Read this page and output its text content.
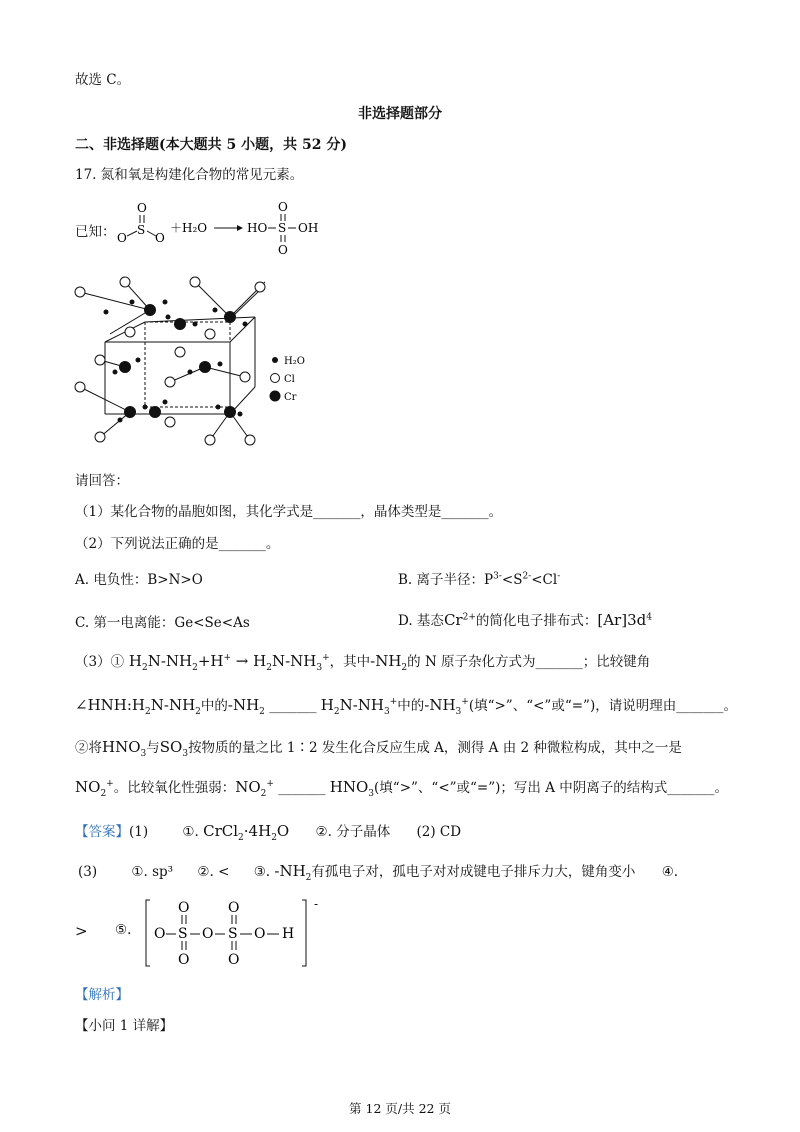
故选 C。
非选择题部分
二、非选择题(本大题共 5 小题，共 52 分)
17. 氮和氧是构建化合物的常见元素。
已知：
O
S
O O
＋H₂O	HO S OH
O
O
H₂O
Cl
Cr
请回答：
（1）某化合物的晶胞如图，其化学式是_______，晶体类型是_______。
（2）下列说法正确的是_______。
A. 电负性：B>N>O	B. 离子半径：$P^{3-}<S^{2-}<Cl^-$
C. 第一电离能：Ge<Se<As	D. 基态$Cr^{2+}$的简化电子排布式：$[Ar]3d^4$
（3）① $H_2N-NH_2+H^+ \to H_2N-NH_3^+$，其中$-NH_2$的 N 原子杂化方式为_______；比较键角
$\angle HNH:H_2N-NH_2$中的$-NH_2$ _______ $H_2N-NH_3^+$中的$-NH_3^+$(填“>”、“<”或“=”)，请说明理由_______。
②将$HNO_3$与$SO_3$按物质的量之比 1∶2 发生化合反应生成 A，测得 A 由 2 种微粒构成，其中之一是
$NO_2^+$。比较氧化性强弱：$NO_2^+$ _______ $HNO_3$(填“>”、“<”或“=”)；写出 A 中阴离子的结构式_______。
【答案】(1)	①. $CrCl_2\cdot 4H_2O$ ②. 分子晶体 (2) CD
(3)	①. sp³ ②. < ③. $-NH_2$有孤电子对，孤电子对对成键电子排斥力大，键角变小 ④.
> ⑤.
-
O S O S O H
O
O
O
O
【解析】
【小问 1 详解】
第 12 页/共 22 页
